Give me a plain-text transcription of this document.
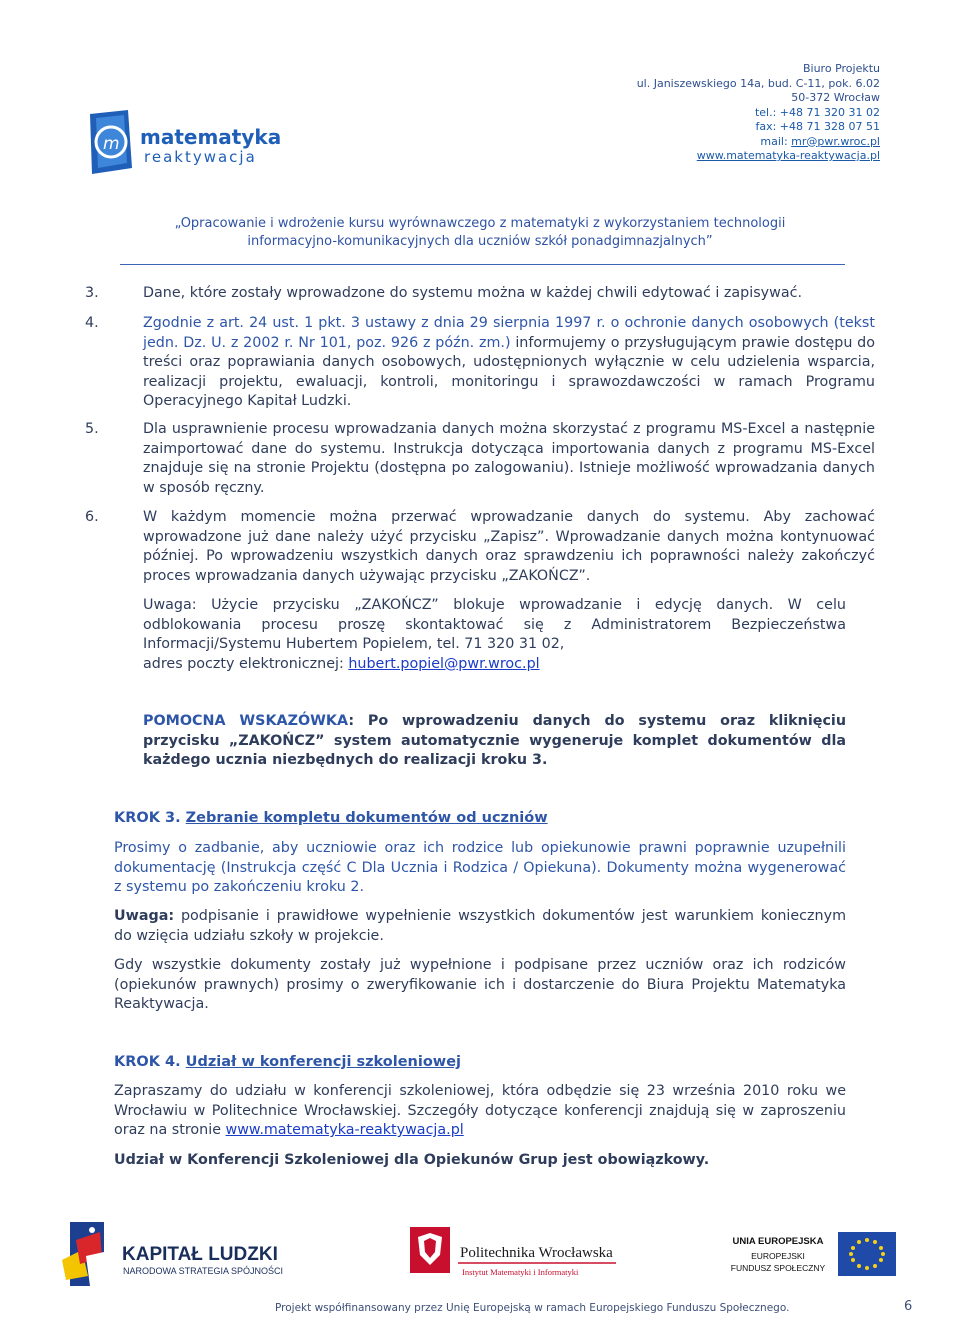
m matematyka
reaktywacja
Biuro Projektu
ul. Janiszewskiego 14a, bud. C-11, pok. 6.02
50-372 Wrocław
tel.: +48 71 320 31 02
fax: +48 71 328 07 51
mail: mr@pwr.wroc.pl
www.matematyka-reaktywacja.pl
„Opracowanie i wdrożenie kursu wyrównawczego z matematyki z wykorzystaniem technologii
informacyjno-komunikacyjnych dla uczniów szkół ponadgimnazjalnych”
3.	Dane, które zostały wprowadzone do systemu można w każdej chwili edytować i zapisywać.
4.	Zgodnie z art. 24 ust. 1 pkt. 3 ustawy z dnia 29 sierpnia 1997 r. o ochronie danych osobowych (tekst jedn. Dz. U. z 2002 r. Nr 101, poz. 926 z późn. zm.) informujemy o przysługującym prawie dostępu do treści oraz poprawiania danych osobowych, udostępnionych wyłącznie w celu udzielenia wsparcia, realizacji projektu, ewaluacji, kontroli, monitoringu i sprawozdawczości w ramach Programu Operacyjnego Kapitał Ludzki.
5.	Dla usprawnienie procesu wprowadzania danych można skorzystać z programu MS-Excel a następnie zaimportować dane do systemu. Instrukcja dotycząca importowania danych z programu MS-Excel znajduje się na stronie Projektu (dostępna po zalogowaniu). Istnieje możliwość wprowadzania danych w sposób ręczny.
6.	W każdym momencie można przerwać wprowadzanie danych do systemu. Aby zachować wprowadzone już dane należy użyć przycisku „Zapisz”. Wprowadzanie danych można kontynuować później. Po wprowadzeniu wszystkich danych oraz sprawdzeniu ich poprawności należy zakończyć proces wprowadzania danych używając przycisku „ZAKOŃCZ”.
Uwaga: Użycie przycisku „ZAKOŃCZ” blokuje wprowadzanie i edycję danych. W celu odblokowania procesu proszę skontaktować się z Administratorem Bezpieczeństwa Informacji/Systemu Hubertem Popielem, tel. 71 320 31 02,
adres poczty elektronicznej: hubert.popiel@pwr.wroc.pl
POMOCNA WSKAZÓWKA: Po wprowadzeniu danych do systemu oraz kliknięciu przycisku „ZAKOŃCZ” system automatycznie wygeneruje komplet dokumentów dla każdego ucznia niezbędnych do realizacji kroku 3.
KROK 3. Zebranie kompletu dokumentów od uczniów
Prosimy o zadbanie, aby uczniowie oraz ich rodzice lub opiekunowie prawni poprawnie uzupełnili dokumentację (Instrukcja część C Dla Ucznia i Rodzica / Opiekuna). Dokumenty można wygenerować z systemu po zakończeniu kroku 2.
Uwaga: podpisanie i prawidłowe wypełnienie wszystkich dokumentów jest warunkiem koniecznym do wzięcia udziału szkoły w projekcie.
Gdy wszystkie dokumenty zostały już wypełnione i podpisane przez uczniów oraz ich rodziców (opiekunów prawnych) prosimy o zweryfikowanie ich i dostarczenie do Biura Projektu Matematyka Reaktywacja.
KROK 4. Udział w konferencji szkoleniowej
Zapraszamy do udziału w konferencji szkoleniowej, która odbędzie się 23 września 2010 roku we Wrocławiu w Politechnice Wrocławskiej. Szczegóły dotyczące konferencji znajdują się w zaproszeniu oraz na stronie www.matematyka-reaktywacja.pl
Udział w Konferencji Szkoleniowej dla Opiekunów Grup jest obowiązkowy.
KAPITAŁ LUDZKI
NARODOWA STRATEGIA SPÓJNOŚCI
Politechnika Wrocławska
Instytut Matematyki i Informatyki
UNIA EUROPEJSKA
EUROPEJSKI
FUNDUSZ SPOŁECZNY
Projekt współfinansowany przez Unię Europejską w ramach Europejskiego Funduszu Społecznego.	6
